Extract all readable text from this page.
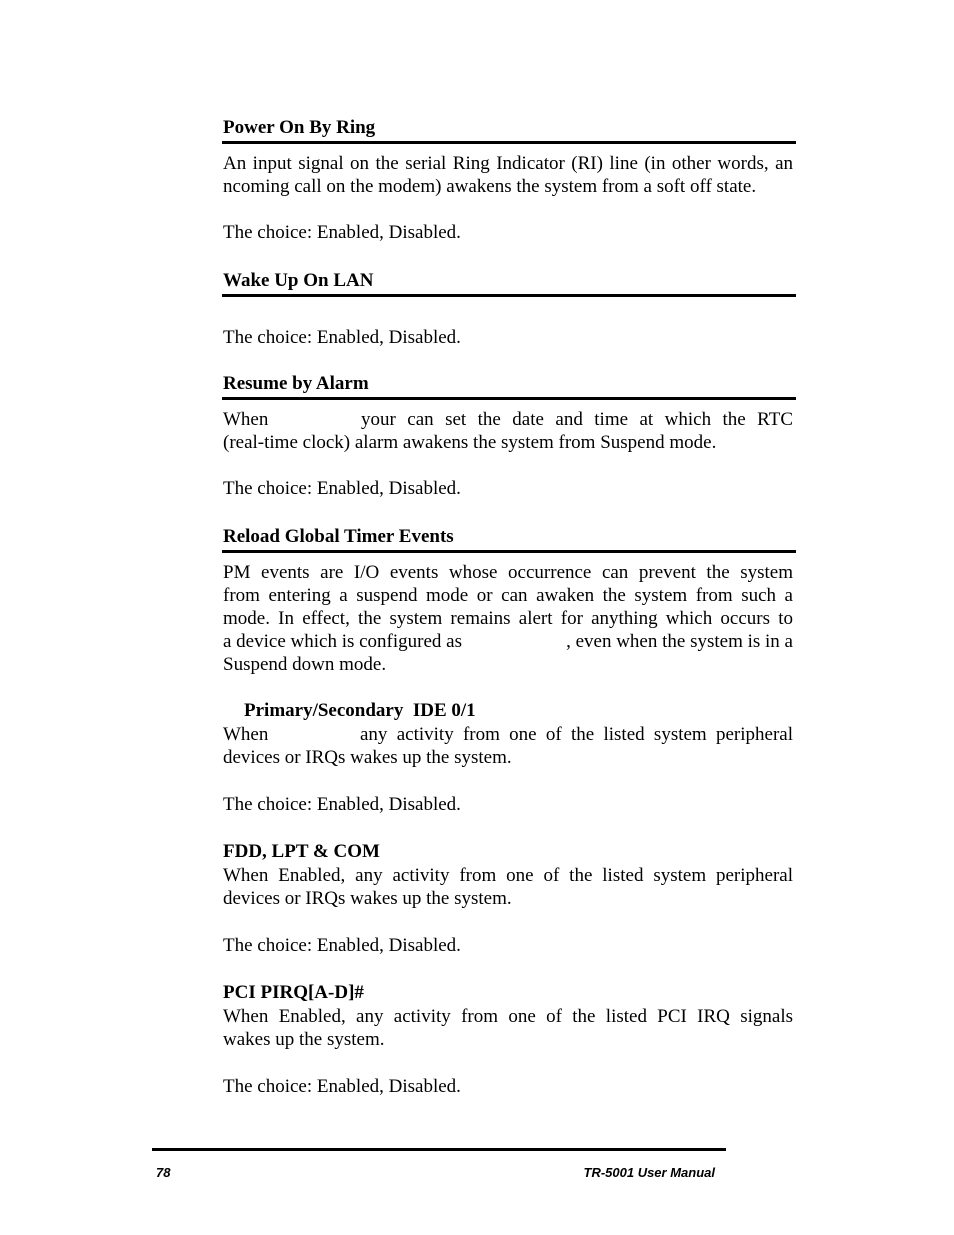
Power On By Ring
An input signal on the serial Ring Indicator (RI) line (in other words, an
ncoming call on the modem) awakens the system from a soft off state.
The choice: Enabled, Disabled.
Wake Up On LAN
The choice: Enabled, Disabled.
Resume by Alarm
When	your can set the date and time at which the RTC
(real-time clock) alarm awakens the system from Suspend mode.
The choice: Enabled, Disabled.
Reload Global Timer Events
PM events are I/O events whose occurrence can prevent the system
from entering a suspend mode or can awaken the system from such a
mode. In effect, the system remains alert for anything which occurs to
a device which is configured as	, even when the system is in a
Suspend down mode.
Primary/Secondary  IDE 0/1
When	any activity from one of the listed system peripheral
devices or IRQs wakes up the system.
The choice: Enabled, Disabled.
FDD, LPT & COM
When Enabled, any activity from one of the listed system peripheral
devices or IRQs wakes up the system.
The choice: Enabled, Disabled.
PCI PIRQ[A-D]#
When Enabled, any activity from one of the listed PCI IRQ signals
wakes up the system.
The choice: Enabled, Disabled.
78	TR-5001 User Manual
